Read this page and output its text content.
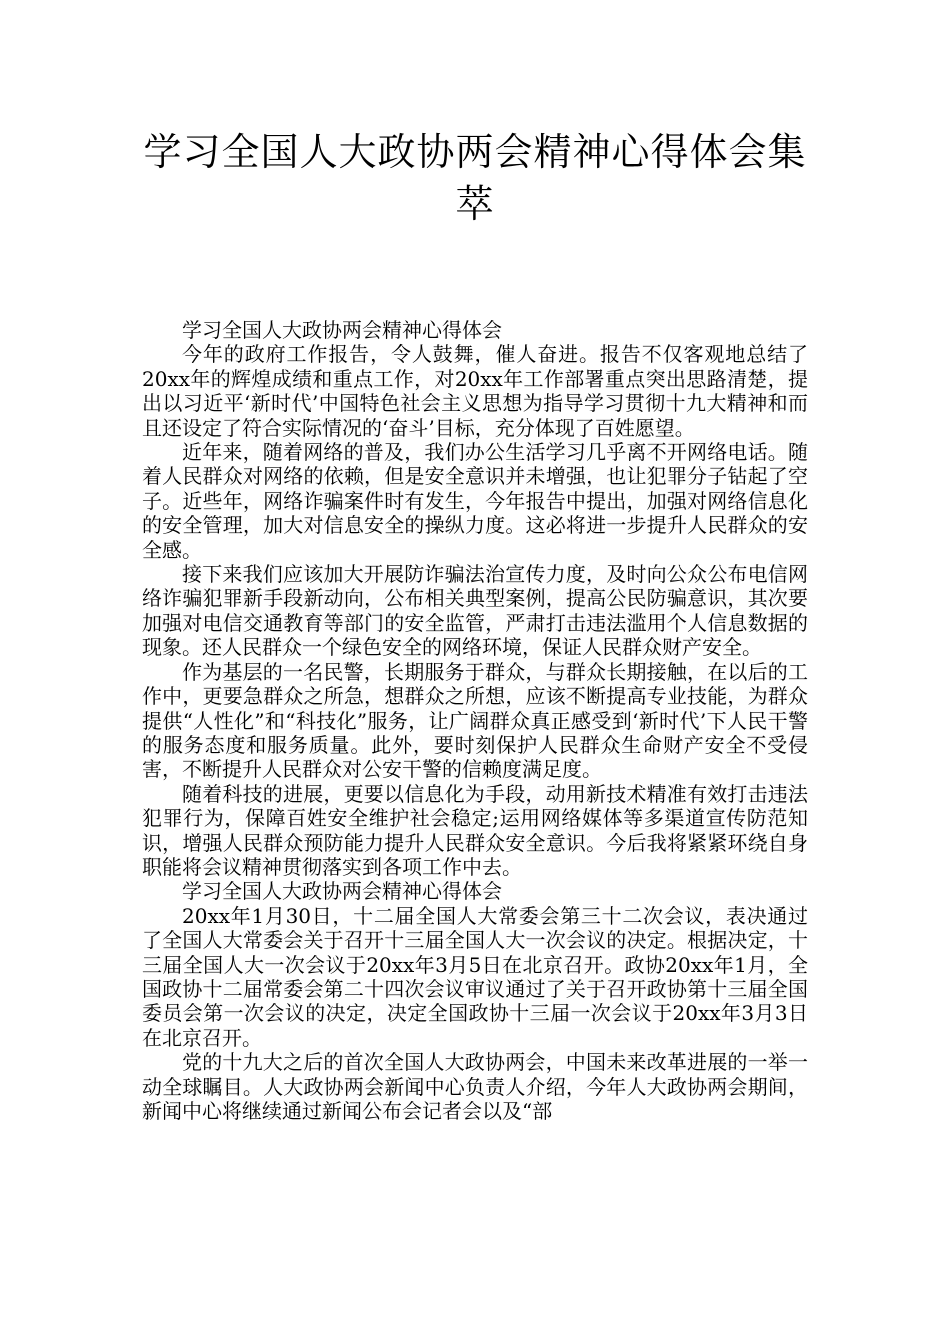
学习全国人大政协两会精神心得体会集萃

学习全国人大政协两会精神心得体会

今年的政府工作报告，令人鼓舞，催人奋进。报告不仅客观地总结了20xx年的辉煌成绩和重点工作，对20xx年工作部署重点突出思路清楚，提出以习近平‘新时代’中国特色社会主义思想为指导学习贯彻十九大精神和而且还设定了符合实际情况的‘奋斗’目标，充分体现了百姓愿望。

近年来，随着网络的普及，我们办公生活学习几乎离不开网络电话。随着人民群众对网络的依赖，但是安全意识并未增强，也让犯罪分子钻起了空子。近些年，网络诈骗案件时有发生，今年报告中提出，加强对网络信息化的安全管理，加大对信息安全的操纵力度。这必将进一步提升人民群众的安全感。

接下来我们应该加大开展防诈骗法治宣传力度，及时向公众公布电信网络诈骗犯罪新手段新动向，公布相关典型案例，提高公民防骗意识，其次要加强对电信交通教育等部门的安全监管，严肃打击违法滥用个人信息数据的现象。还人民群众一个绿色安全的网络环境，保证人民群众财产安全。

作为基层的一名民警，长期服务于群众，与群众长期接触，在以后的工作中，更要急群众之所急，想群众之所想，应该不断提高专业技能，为群众提供“人性化”和“科技化”服务，让广阔群众真正感受到‘新时代’下人民干警的服务态度和服务质量。此外，要时刻保护人民群众生命财产安全不受侵害，不断提升人民群众对公安干警的信赖度满足度。

随着科技的进展，更要以信息化为手段，动用新技术精准有效打击违法犯罪行为，保障百姓安全维护社会稳定;运用网络媒体等多渠道宣传防范知识，增强人民群众预防能力提升人民群众安全意识。今后我将紧紧环绕自身职能将会议精神贯彻落实到各项工作中去。

学习全国人大政协两会精神心得体会

20xx年1月30日，十二届全国人大常委会第三十二次会议，表决通过了全国人大常委会关于召开十三届全国人大一次会议的决定。根据决定，十三届全国人大一次会议于20xx年3月5日在北京召开。政协20xx年1月，全国政协十二届常委会第二十四次会议审议通过了关于召开政协第十三届全国委员会第一次会议的决定，决定全国政协十三届一次会议于20xx年3月3日在北京召开。

党的十九大之后的首次全国人大政协两会，中国未来改革进展的一举一动全球瞩目。人大政协两会新闻中心负责人介绍，今年人大政协两会期间，新闻中心将继续通过新闻公布会记者会以及“部
